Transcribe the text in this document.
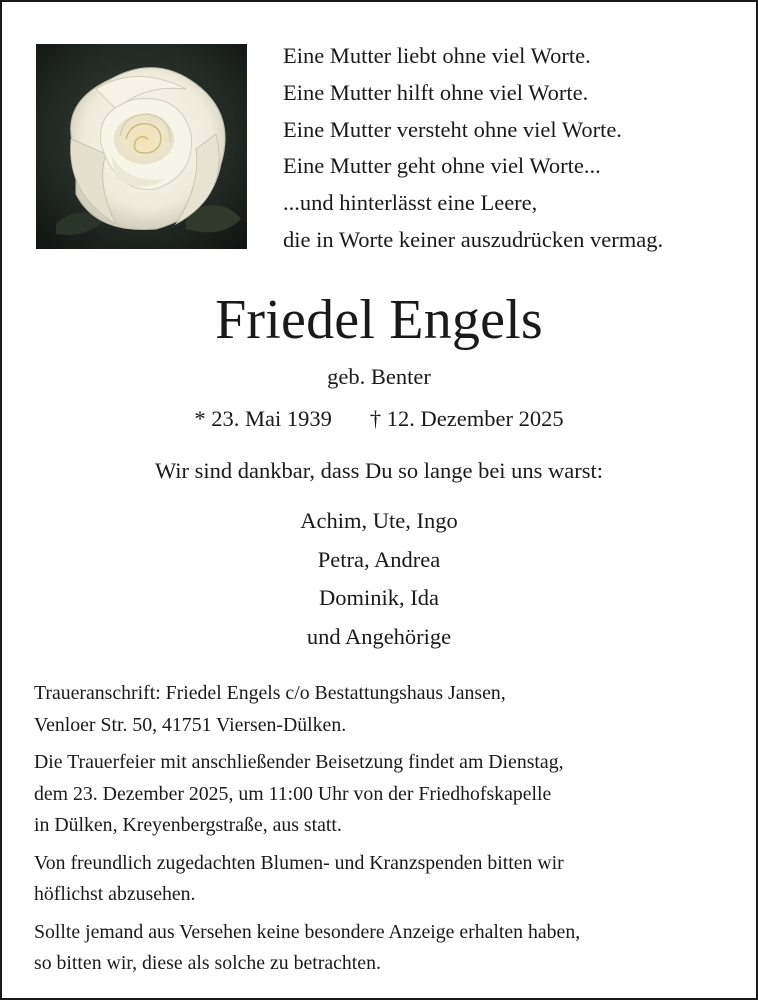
Eine Mutter liebt ohne viel Worte.
Eine Mutter hilft ohne viel Worte.
Eine Mutter versteht ohne viel Worte.
Eine Mutter geht ohne viel Worte...
...und hinterlässt eine Leere,
die in Worte keiner auszudrücken vermag.
Friedel Engels
geb. Benter
* 23. Mai 1939 † 12. Dezember 2025
Wir sind dankbar, dass Du so lange bei uns warst:
Achim, Ute, Ingo
Petra, Andrea
Dominik, Ida
und Angehörige
Traueranschrift: Friedel Engels c/o Bestattungshaus Jansen,
Venloer Str. 50, 41751 Viersen-Dülken.
Die Trauerfeier mit anschließender Beisetzung findet am Dienstag,
dem 23. Dezember 2025, um 11:00 Uhr von der Friedhofskapelle
in Dülken, Kreyenbergstraße, aus statt.
Von freundlich zugedachten Blumen- und Kranzspenden bitten wir
höflichst abzusehen.
Sollte jemand aus Versehen keine besondere Anzeige erhalten haben,
so bitten wir, diese als solche zu betrachten.
